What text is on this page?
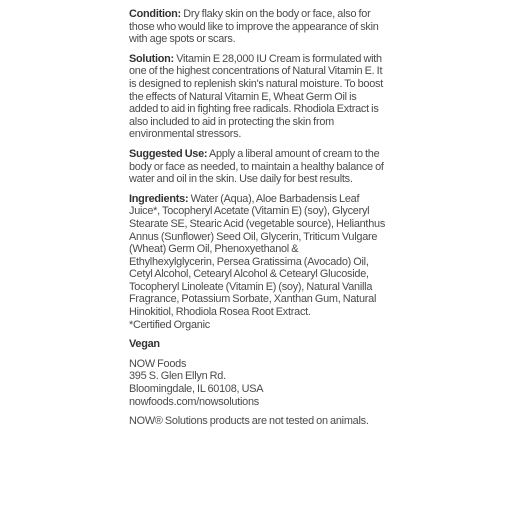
Condition: Dry flaky skin on the body or face, also for those who would like to improve the appearance of skin with age spots or scars.

Solution: Vitamin E 28,000 IU Cream is formulated with one of the highest concentrations of Natural Vitamin E. It is designed to replenish skin's natural moisture. To boost the effects of Natural Vitamin E, Wheat Germ Oil is added to aid in fighting free radicals. Rhodiola Extract is also included to aid in protecting the skin from environmental stressors.

Suggested Use: Apply a liberal amount of cream to the body or face as needed, to maintain a healthy balance of water and oil in the skin. Use daily for best results.

Ingredients: Water (Aqua), Aloe Barbadensis Leaf Juice*, Tocopheryl Acetate (Vitamin E) (soy), Glyceryl Stearate SE, Stearic Acid (vegetable source), Helianthus Annus (Sunflower) Seed Oil, Glycerin, Triticum Vulgare (Wheat) Germ Oil, Phenoxyethanol & Ethylhexylglycerin, Persea Gratissima (Avocado) Oil, Cetyl Alcohol, Cetearyl Alcohol & Cetearyl Glucoside, Tocopheryl Linoleate (Vitamin E) (soy), Natural Vanilla Fragrance, Potassium Sorbate, Xanthan Gum, Natural Hinokitiol, Rhodiola Rosea Root Extract.

*Certified Organic

Vegan
NOW Foods
395 S. Glen Ellyn Rd.
Bloomingdale, IL 60108, USA
nowfoods.com/nowsolutions

NOW® Solutions products are not tested on animals.
